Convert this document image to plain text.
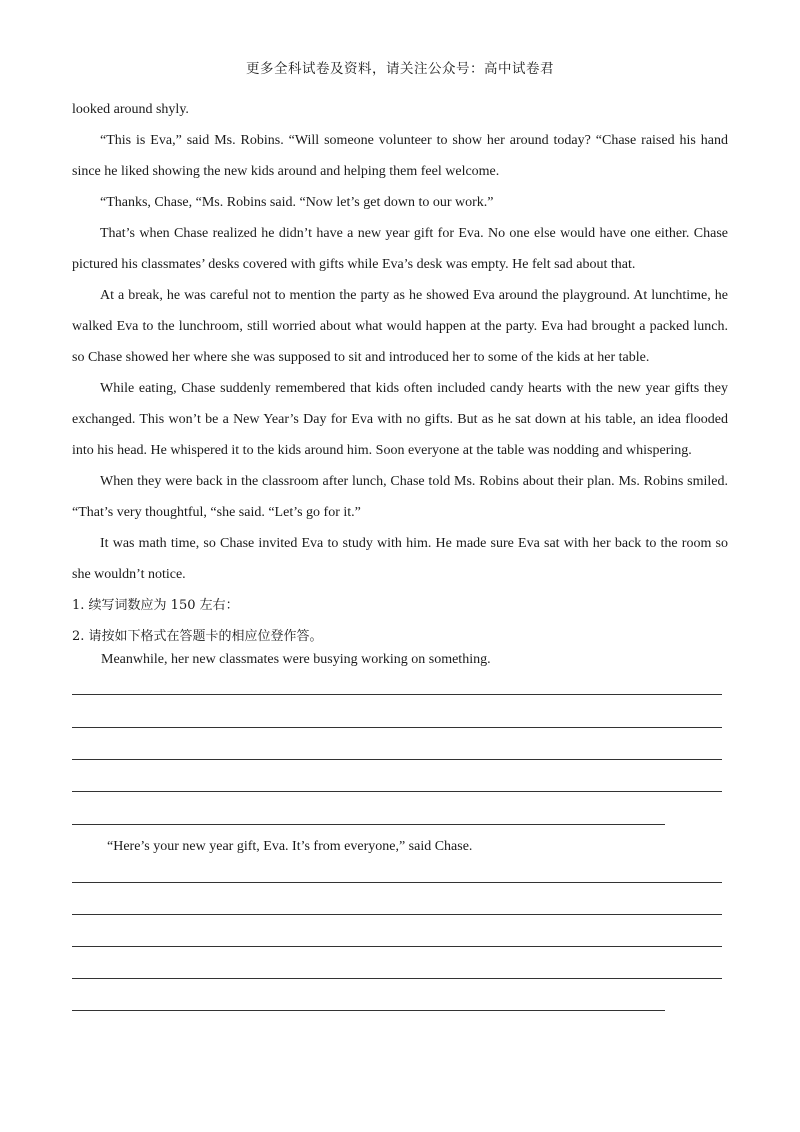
更多全科试卷及资料，请关注公众号：高中试卷君

looked around shyly.

“This is Eva,” said Ms. Robins. “Will someone volunteer to show her around today? “Chase raised his hand since he liked showing the new kids around and helping them feel welcome.

“Thanks, Chase, “Ms. Robins said. “Now let’s get down to our work.”

That’s when Chase realized he didn’t have a new year gift for Eva. No one else would have one either. Chase pictured his classmates’ desks covered with gifts while Eva’s desk was empty. He felt sad about that.

At a break, he was careful not to mention the party as he showed Eva around the playground. At lunchtime, he walked Eva to the lunchroom, still worried about what would happen at the party. Eva had brought a packed lunch. so Chase showed her where she was supposed to sit and introduced her to some of the kids at her table.

While eating, Chase suddenly remembered that kids often included candy hearts with the new year gifts they exchanged. This won’t be a New Year’s Day for Eva with no gifts. But as he sat down at his table, an idea flooded into his head. He whispered it to the kids around him. Soon everyone at the table was nodding and whispering.

When they were back in the classroom after lunch, Chase told Ms. Robins about their plan. Ms. Robins smiled. “That’s very thoughtful, “she said. “Let’s go for it.”

It was math time, so Chase invited Eva to study with him. He made sure Eva sat with her back to the room so she wouldn’t notice.

1. 续写词数应为 150 左右：

2. 请按如下格式在答题卡的相应位登作答。

Meanwhile, her new classmates were busying working on something.
“Here’s your new year gift, Eva. It’s from everyone,” said Chase.
